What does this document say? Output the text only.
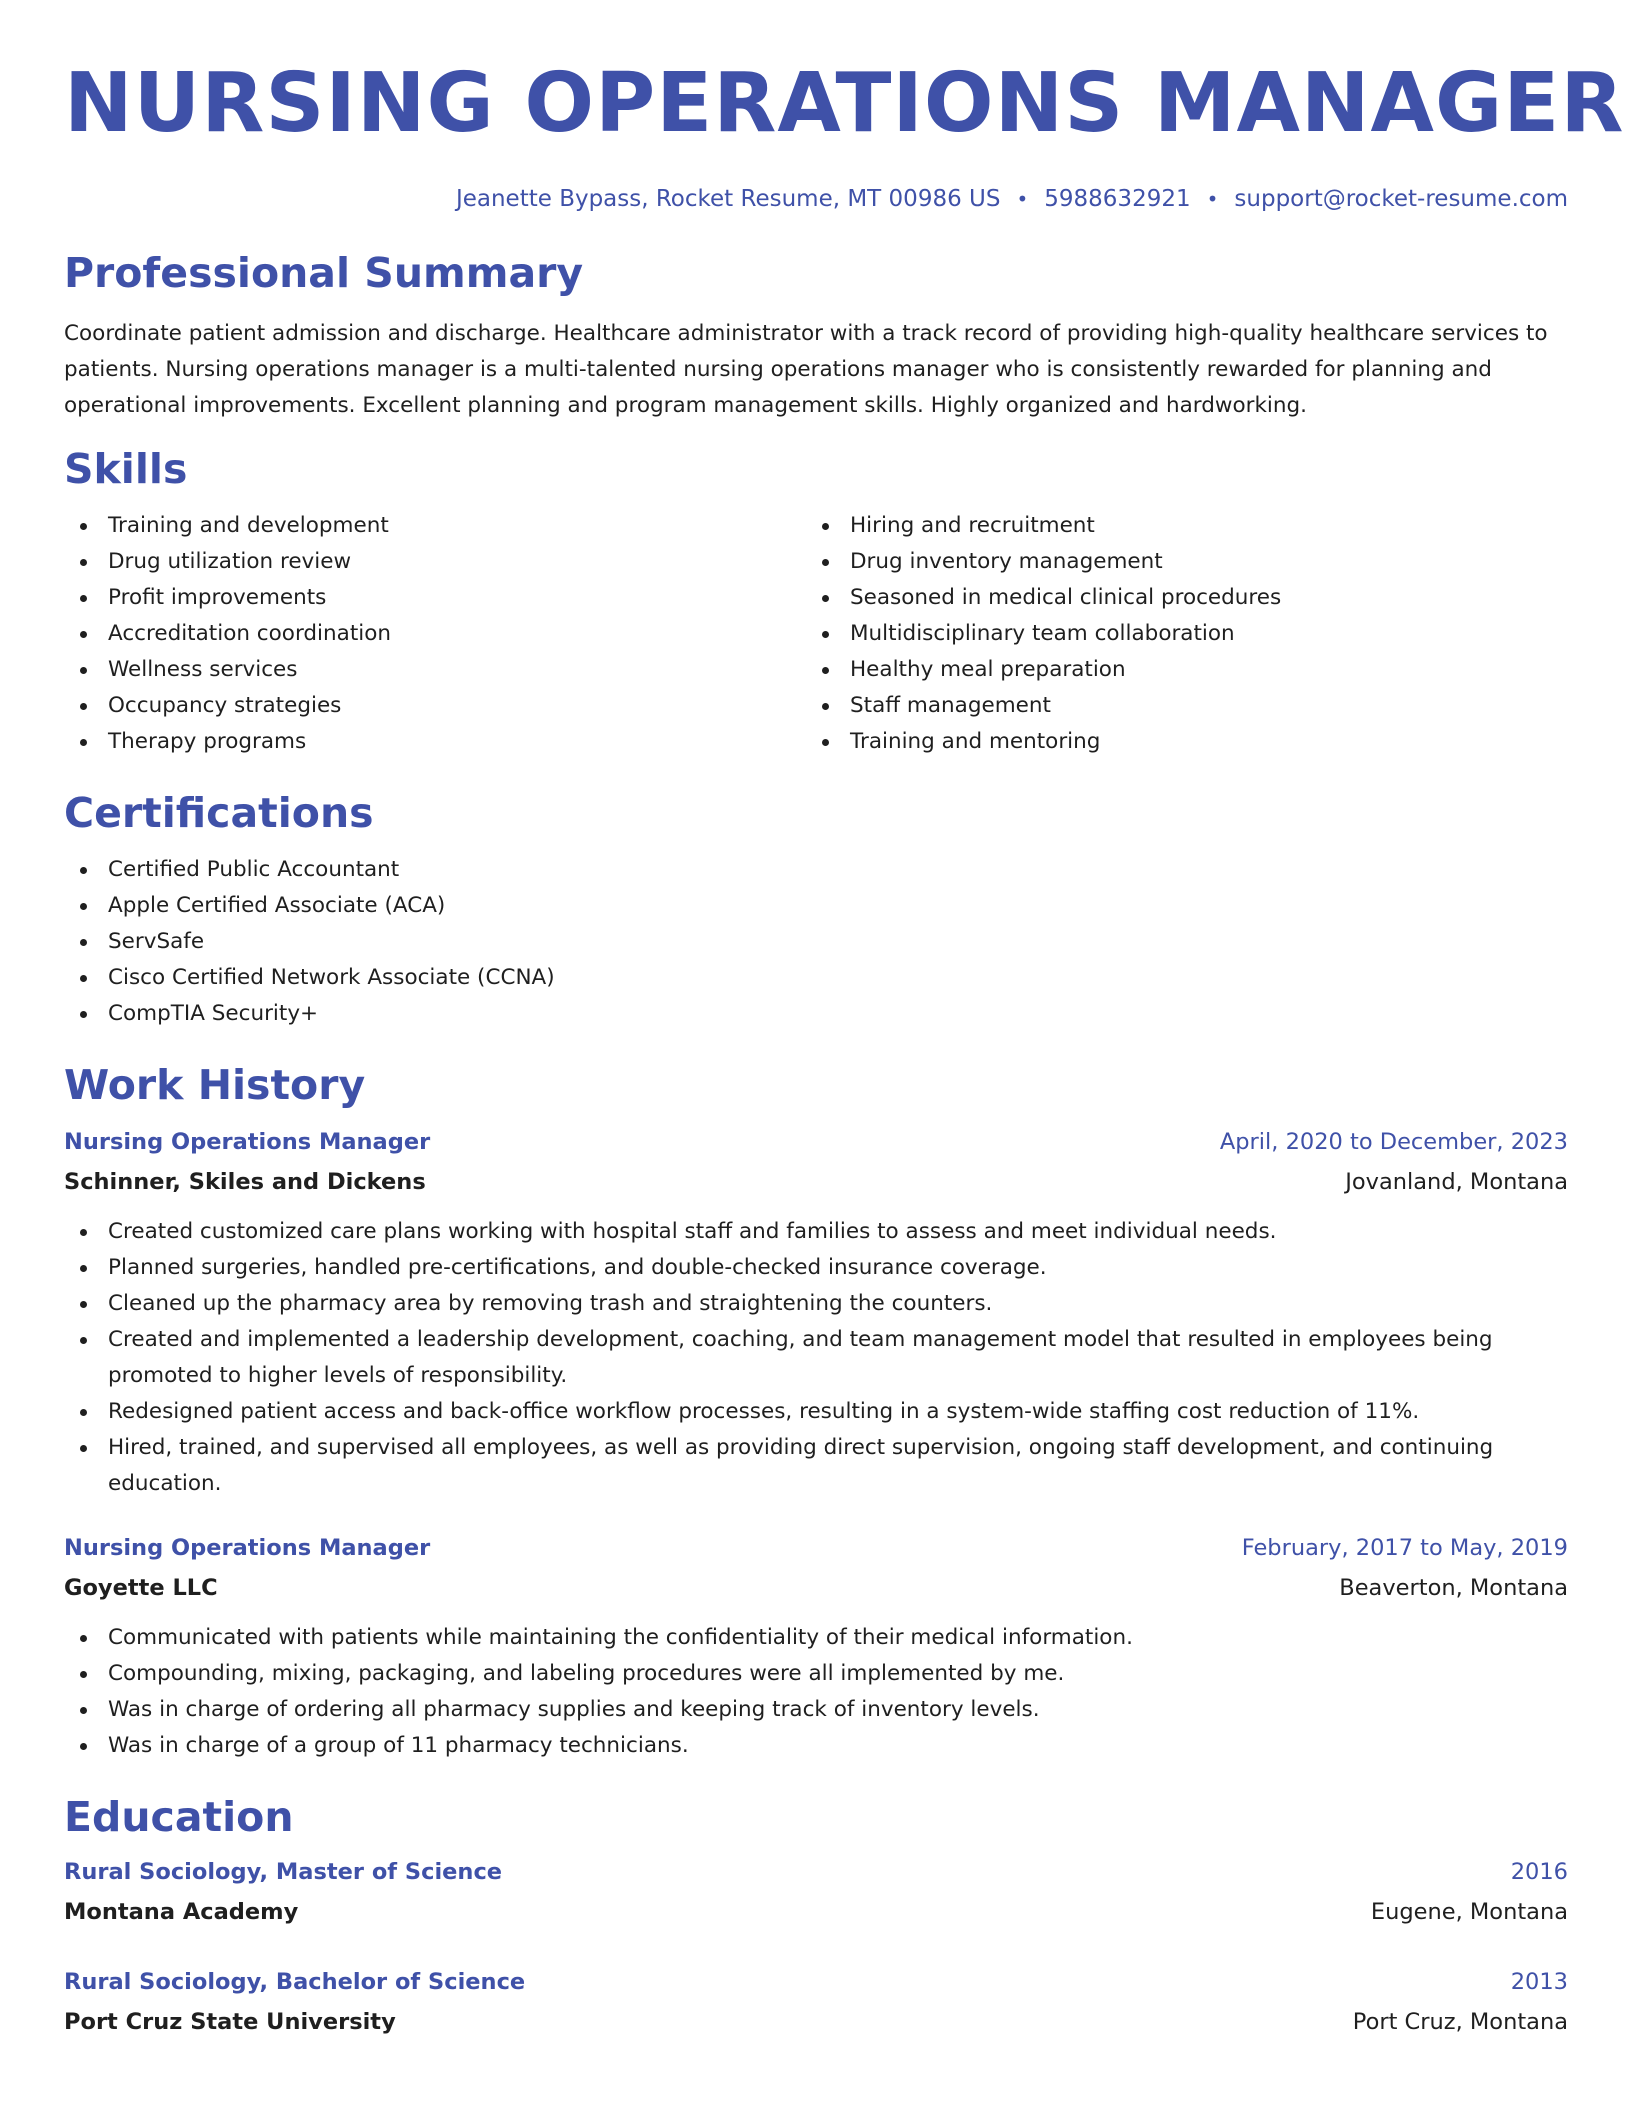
NURSING OPERATIONS MANAGER
Jeanette Bypass, Rocket Resume, MT 00986 US • 5988632921 • support@rocket-resume.com
Professional Summary

Coordinate patient admission and discharge. Healthcare administrator with a track record of providing high-quality healthcare services to patients. Nursing operations manager is a multi-talented nursing operations manager who is consistently rewarded for planning and operational improvements. Excellent planning and program management skills. Highly organized and hardworking.

Skills
Training and development
Drug utilization review
Profit improvements
Accreditation coordination
Wellness services
Occupancy strategies
Therapy programs
Hiring and recruitment
Drug inventory management
Seasoned in medical clinical procedures
Multidisciplinary team collaboration
Healthy meal preparation
Staff management
Training and mentoring
Certifications
Certified Public Accountant
Apple Certified Associate (ACA)
ServSafe
Cisco Certified Network Associate (CCNA)
CompTIA Security+
Work History
Nursing Operations Manager	April, 2020 to December, 2023
Schinner, Skiles and Dickens	Jovanland, Montana
Created customized care plans working with hospital staff and families to assess and meet individual needs.
Planned surgeries, handled pre-certifications, and double-checked insurance coverage.
Cleaned up the pharmacy area by removing trash and straightening the counters.
Created and implemented a leadership development, coaching, and team management model that resulted in employees being promoted to higher levels of responsibility.
Redesigned patient access and back-office workflow processes, resulting in a system-wide staffing cost reduction of 11%.
Hired, trained, and supervised all employees, as well as providing direct supervision, ongoing staff development, and continuing education.
Nursing Operations Manager	February, 2017 to May, 2019
Goyette LLC	Beaverton, Montana
Communicated with patients while maintaining the confidentiality of their medical information.
Compounding, mixing, packaging, and labeling procedures were all implemented by me.
Was in charge of ordering all pharmacy supplies and keeping track of inventory levels.
Was in charge of a group of 11 pharmacy technicians.
Education
Rural Sociology, Master of Science	2016
Montana Academy	Eugene, Montana
Rural Sociology, Bachelor of Science	2013
Port Cruz State University	Port Cruz, Montana
